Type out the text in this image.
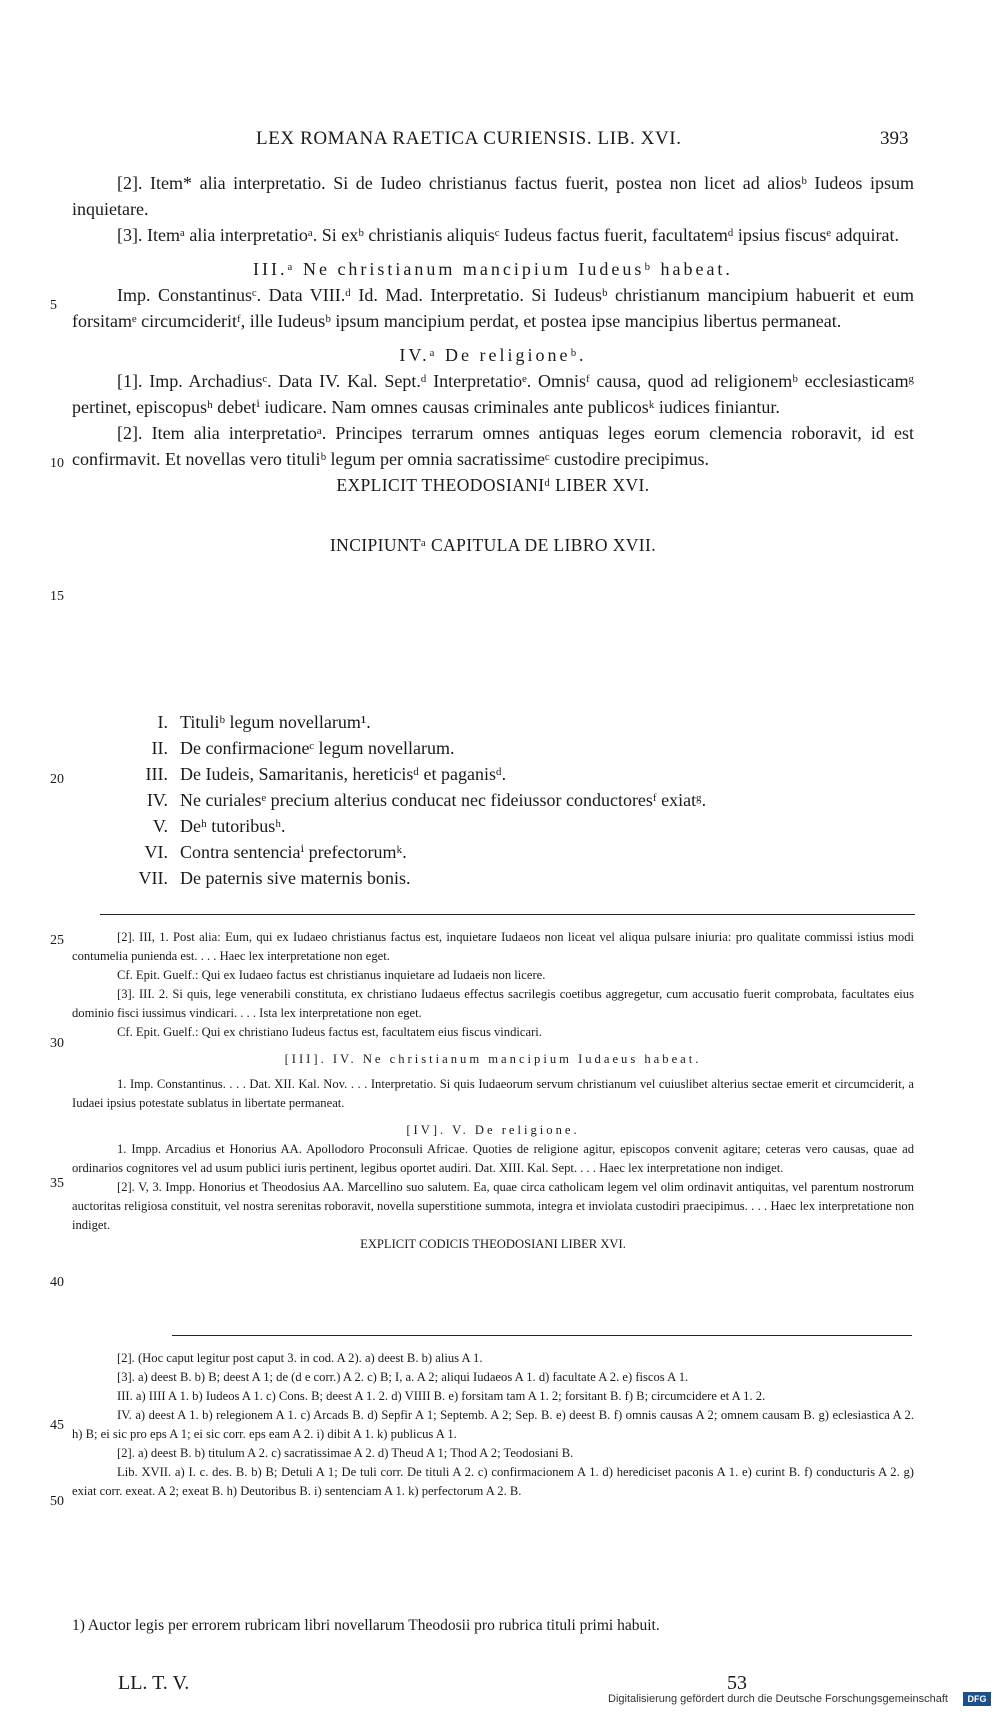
LEX ROMANA RAETICA CURIENSIS. LIB. XVI.	393
5
10
15
20
25
30
35
40
45
50

[2]. Item* alia interpretatio. Si de Iudeo christianus factus fuerit, postea non licet ad aliosᵇ Iudeos ipsum inquietare.

[3]. Itemᵃ alia interpretatioᵃ. Si exᵇ christianis aliquisᶜ Iudeus factus fuerit, facultatemᵈ ipsius fiscusᵉ adquirat.

III.ᵃ Ne christianum mancipium Iudeusᵇ habeat.

Imp. Constantinusᶜ. Data VIII.ᵈ Id. Mad. Interpretatio. Si Iudeusᵇ christianum mancipium habuerit et eum forsitamᵉ circumcideritᶠ, ille Iudeusᵇ ipsum mancipium perdat, et postea ipse mancipius libertus permaneat.

IV.ᵃ De religioneᵇ.

[1]. Imp. Archadiusᶜ. Data IV. Kal. Sept.ᵈ Interpretatioᵉ. Omnisᶠ causa, quod ad religionemᵇ ecclesiasticamᵍ pertinet, episcopusʰ debetⁱ iudicare. Nam omnes causas criminales ante publicosᵏ iudices finiantur.

[2]. Item alia interpretatioᵃ. Principes terrarum omnes antiquas leges eorum clemencia roboravit, id est confirmavit. Et novellas vero tituliᵇ legum per omnia sacratissimeᶜ custodire precipimus.

EXPLICIT THEODOSIANIᵈ LIBER XVI.

INCIPIUNTᵃ CAPITULA DE LIBRO XVII.

I. Tituliᵇ legum novellarum¹.
II. De confirmacioneᶜ legum novellarum.
III. De Iudeis, Samaritanis, hereticisᵈ et paganisᵈ.
IV. Ne curialesᵉ precium alterius conducat nec fideiussor conductoresᶠ exiatᵍ.
V. Deʰ tutoribusʰ.
VI. Contra sentenciaⁱ prefectorumᵏ.
VII. De paternis sive maternis bonis.

[2]. III, 1. Post alia: Eum, qui ex Iudaeo christianus factus est, inquietare Iudaeos non liceat vel aliqua pulsare iniuria: pro qualitate commissi istius modi contumelia punienda est. . . . Haec lex interpretatione non eget.

Cf. Epit. Guelf.: Qui ex Iudaeo factus est christianus inquietare ad Iudaeis non licere.

[3]. III. 2. Si quis, lege venerabili constituta, ex christiano Iudaeus effectus sacrilegis coetibus aggregetur, cum accusatio fuerit comprobata, facultates eius dominio fisci iussimus vindicari. . . . Ista lex interpretatione non eget.

Cf. Epit. Guelf.: Qui ex christiano Iudeus factus est, facultatem eius fiscus vindicari.

[III]. IV. Ne christianum mancipium Iudaeus habeat.

1. Imp. Constantinus. . . . Dat. XII. Kal. Nov. . . . Interpretatio. Si quis Iudaeorum servum christianum vel cuiuslibet alterius sectae emerit et circumciderit, a Iudaei ipsius potestate sublatus in libertate permaneat.

[IV]. V. De religione.

1. Impp. Arcadius et Honorius AA. Apollodoro Proconsuli Africae. Quoties de religione agitur, episcopos convenit agitare; ceteras vero causas, quae ad ordinarios cognitores vel ad usum publici iuris pertinent, legibus oportet audiri. Dat. XIII. Kal. Sept. . . . Haec lex interpretatione non indiget.

[2]. V, 3. Impp. Honorius et Theodosius AA. Marcellino suo salutem. Ea, quae circa catholicam legem vel olim ordinavit antiquitas, vel parentum nostrorum auctoritas religiosa constituit, vel nostra serenitas roboravit, novella superstitione summota, integra et inviolata custodiri praecipimus. . . . Haec lex interpretatione non indiget.

EXPLICIT CODICIS THEODOSIANI LIBER XVI.

[2]. (Hoc caput legitur post caput 3. in cod. A 2). a) deest B. b) alius A 1.

[3]. a) deest B. b) B; deest A 1; de (d e corr.) A 2. c) B; I, a. A 2; aliqui Iudaeos A 1. d) facultate A 2. e) fiscos A 1.

III. a) IIII A 1. b) Iudeos A 1. c) Cons. B; deest A 1. 2. d) VIIII B. e) forsitam tam A 1. 2; forsitant B. f) B; circumcidere et A 1. 2.

IV. a) deest A 1. b) relegionem A 1. c) Arcads B. d) Sepfir A 1; Septemb. A 2; Sep. B. e) deest B. f) omnis causas A 2; omnem causam B. g) eclesiastica A 2. h) B; ei sic pro eps A 1; ei sic corr. eps eam A 2. i) dibit A 1. k) publicus A 1.

[2]. a) deest B. b) titulum A 2. c) sacratissimae A 2. d) Theud A 1; Thod A 2; Teodosiani B.

Lib. XVII. a) I. c. des. B. b) B; Detuli A 1; De tuli corr. De tituli A 2. c) confirmacionem A 1. d) herediciset paconis A 1. e) curint B. f) conducturis A 2. g) exiat corr. exeat. A 2; exeat B. h) Deutoribus B. i) sentenciam A 1. k) perfectorum A 2. B.

1) Auctor legis per errorem rubricam libri novellarum Theodosii pro rubrica tituli primi habuit.
LL. T. V.	53
Digitalisierung gefördert durch die Deutsche Forschungsgemeinschaft	DFG
